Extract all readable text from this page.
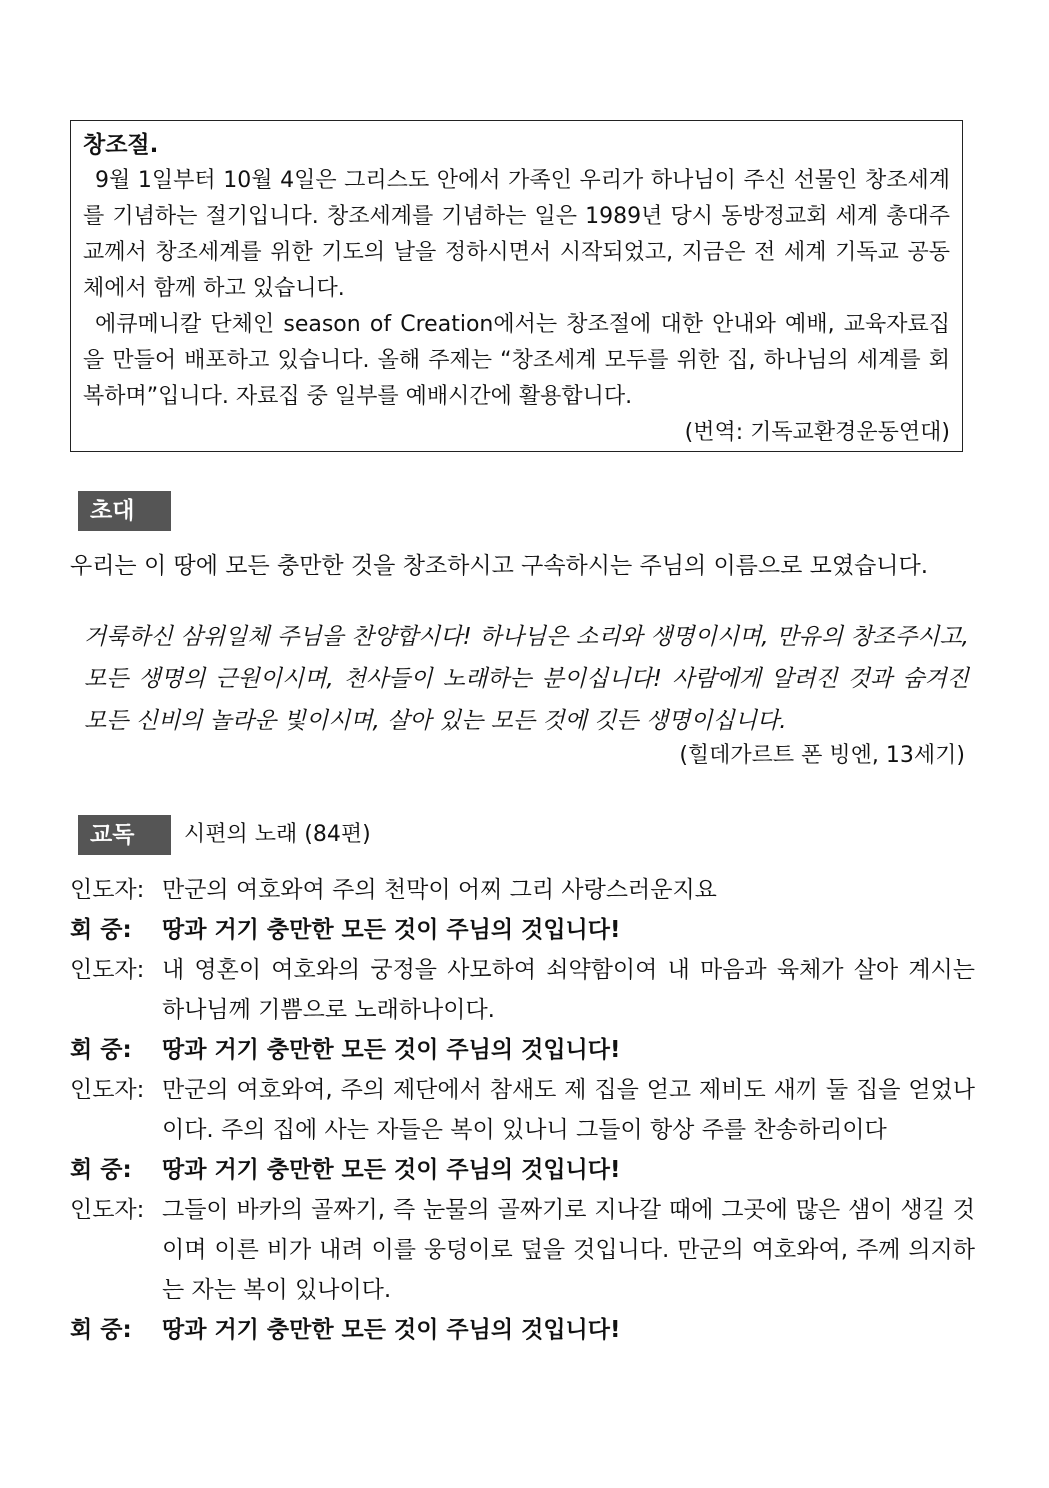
창조절.

9월 1일부터 10월 4일은 그리스도 안에서 가족인 우리가 하나님이 주신 선물인 창조세계를 기념하는 절기입니다. 창조세계를 기념하는 일은 1989년 당시 동방정교회 세계 총대주교께서 창조세계를 위한 기도의 날을 정하시면서 시작되었고, 지금은 전 세계 기독교 공동체에서 함께 하고 있습니다.

에큐메니칼 단체인 season of Creation에서는 창조절에 대한 안내와 예배, 교육자료집을 만들어 배포하고 있습니다. 올해 주제는 “창조세계 모두를 위한 집, 하나님의 세계를 회복하며”입니다. 자료집 중 일부를 예배시간에 활용합니다.

(번역: 기독교환경운동연대)

초대
우리는 이 땅에 모든 충만한 것을 창조하시고 구속하시는 주님의 이름으로 모였습니다.
거룩하신 삼위일체 주님을 찬양합시다! 하나님은 소리와 생명이시며, 만유의 창조주시고, 모든 생명의 근원이시며, 천사들이 노래하는 분이십니다! 사람에게 알려진 것과 숨겨진 모든 신비의 놀라운 빛이시며, 살아 있는 모든 것에 깃든 생명이십니다.
(힐데가르트 폰 빙엔, 13세기)
교독	시편의 노래 (84편)
인도자: 만군의 여호와여 주의 천막이 어찌 그리 사랑스러운지요
회 중:	땅과 거기 충만한 모든 것이 주님의 것입니다!
인도자: 내 영혼이 여호와의 궁정을 사모하여 쇠약함이여 내 마음과 육체가 살아 계시는 하나님께 기쁨으로 노래하나이다.
회 중:	땅과 거기 충만한 모든 것이 주님의 것입니다!
인도자: 만군의 여호와여, 주의 제단에서 참새도 제 집을 얻고 제비도 새끼 둘 집을 얻었나이다. 주의 집에 사는 자들은 복이 있나니 그들이 항상 주를 찬송하리이다
회 중:	땅과 거기 충만한 모든 것이 주님의 것입니다!
인도자: 그들이 바카의 골짜기, 즉 눈물의 골짜기로 지나갈 때에 그곳에 많은 샘이 생길 것이며 이른 비가 내려 이를 웅덩이로 덮을 것입니다. 만군의 여호와여, 주께 의지하는 자는 복이 있나이다.
회 중:	땅과 거기 충만한 모든 것이 주님의 것입니다!
